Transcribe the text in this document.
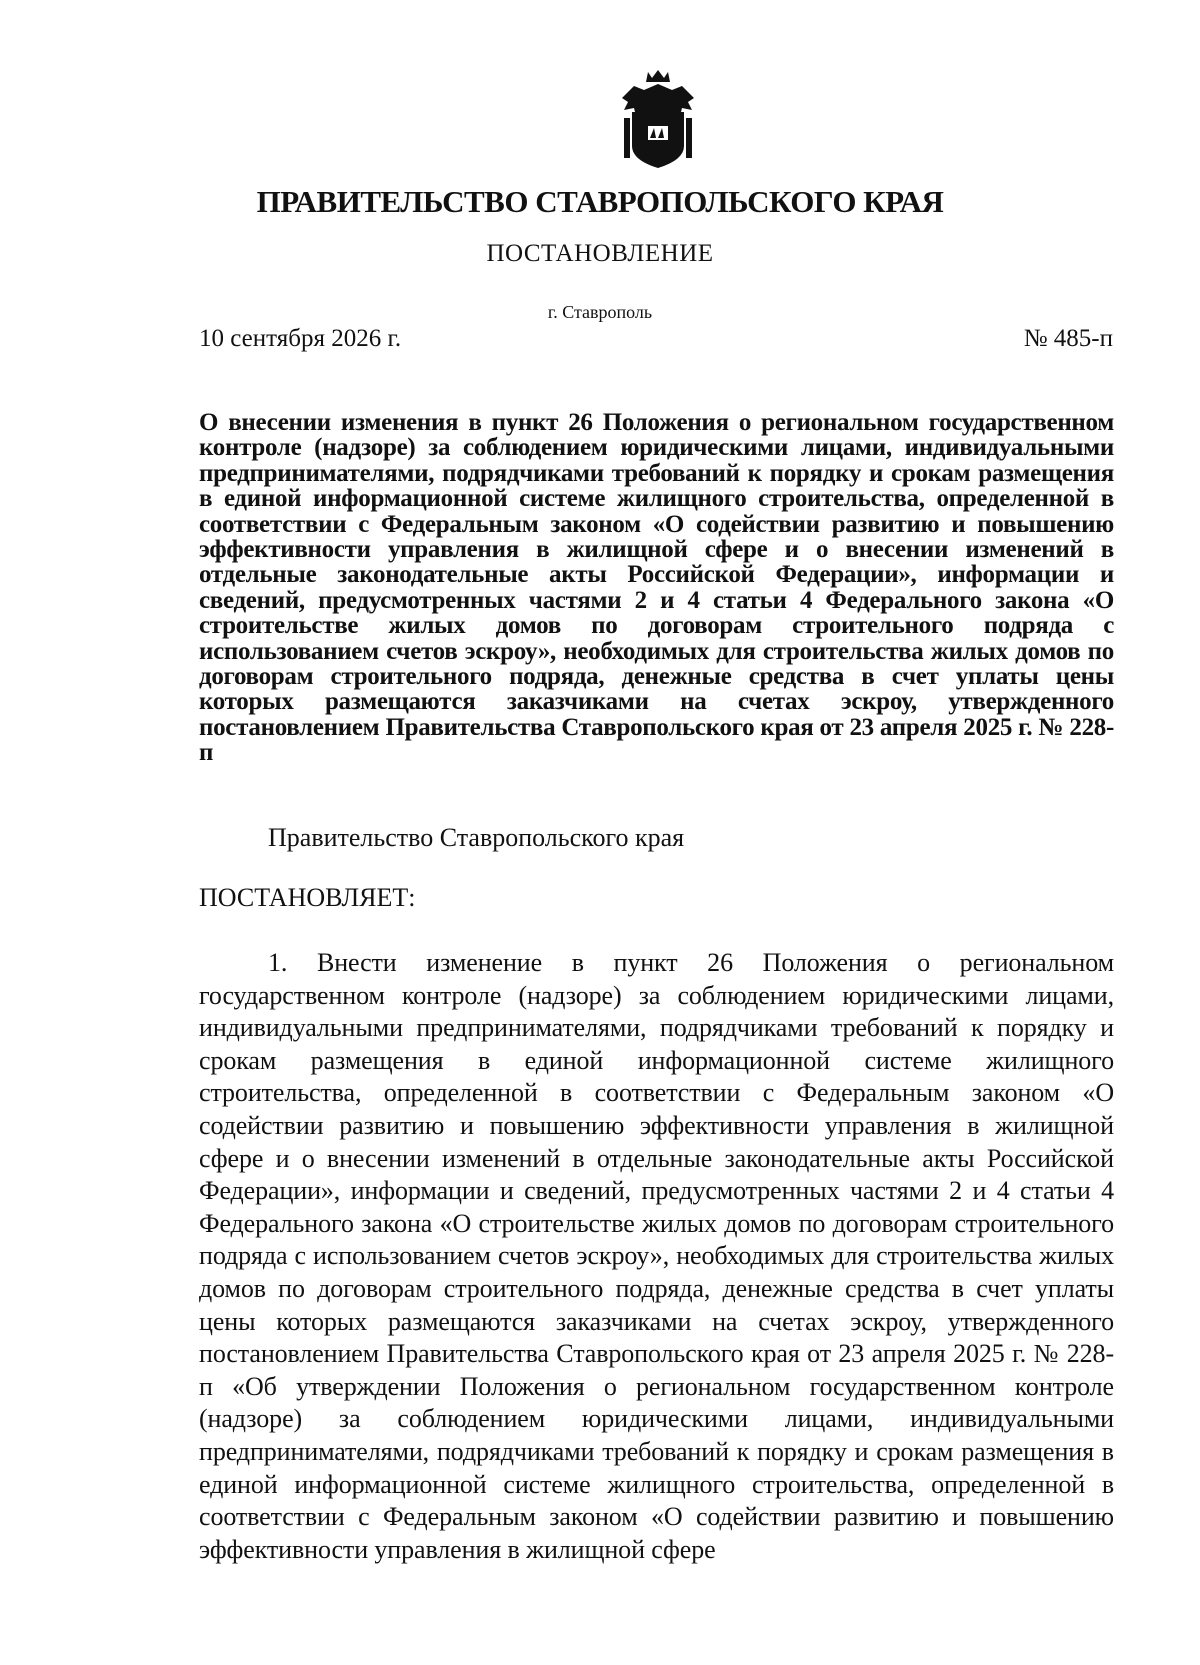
ПРАВИТЕЛЬСТВО СТАВРОПОЛЬСКОГО КРАЯ
ПОСТАНОВЛЕНИЕ
г. Ставрополь
10 сентября 2026 г.	№ 485-п
О внесении изменения в пункт 26 Положения о региональном государственном контроле (надзоре) за соблюдением юридическими лицами, индивидуальными предпринимателями, подрядчиками требований к порядку и срокам размещения в единой информационной системе жилищного строительства, определенной в соответствии с Федеральным законом «О содействии развитию и повышению эффективности управления в жилищной сфере и о внесении изменений в отдельные законодательные акты Российской Федерации», информации и сведений, предусмотренных частями 2 и 4 статьи 4 Федерального закона «О строительстве жилых домов по договорам строительного подряда с использованием счетов эскроу», необходимых для строительства жилых домов по договорам строительного подряда, денежные средства в счет уплаты цены которых размещаются заказчиками на счетах эскроу, утвержденного постановлением Правительства Ставропольского края от 23 апреля 2025 г. № 228-п
Правительство Ставропольского края
ПОСТАНОВЛЯЕТ:
1. Внести изменение в пункт 26 Положения о региональном государственном контроле (надзоре) за соблюдением юридическими лицами, индивидуальными предпринимателями, подрядчиками требований к порядку и срокам размещения в единой информационной системе жилищного строительства, определенной в соответствии с Федеральным законом «О содействии развитию и повышению эффективности управления в жилищной сфере и о внесении изменений в отдельные законодательные акты Российской Федерации», информации и сведений, предусмотренных частями 2 и 4 статьи 4 Федерального закона «О строительстве жилых домов по договорам строительного подряда с использованием счетов эскроу», необходимых для строительства жилых домов по договорам строительного подряда, денежные средства в счет уплаты цены которых размещаются заказчиками на счетах эскроу, утвержденного постановлением Правительства Ставропольского края от 23 апреля 2025 г. № 228-п «Об утверждении Положения о региональном государственном контроле (надзоре) за соблюдением юридическими лицами, индивидуальными предпринимателями, подрядчиками требований к порядку и срокам размещения в единой информационной системе жилищного строительства, определенной в соответствии с Федеральным законом «О содействии развитию и повышению эффективности управления в жилищной сфере
